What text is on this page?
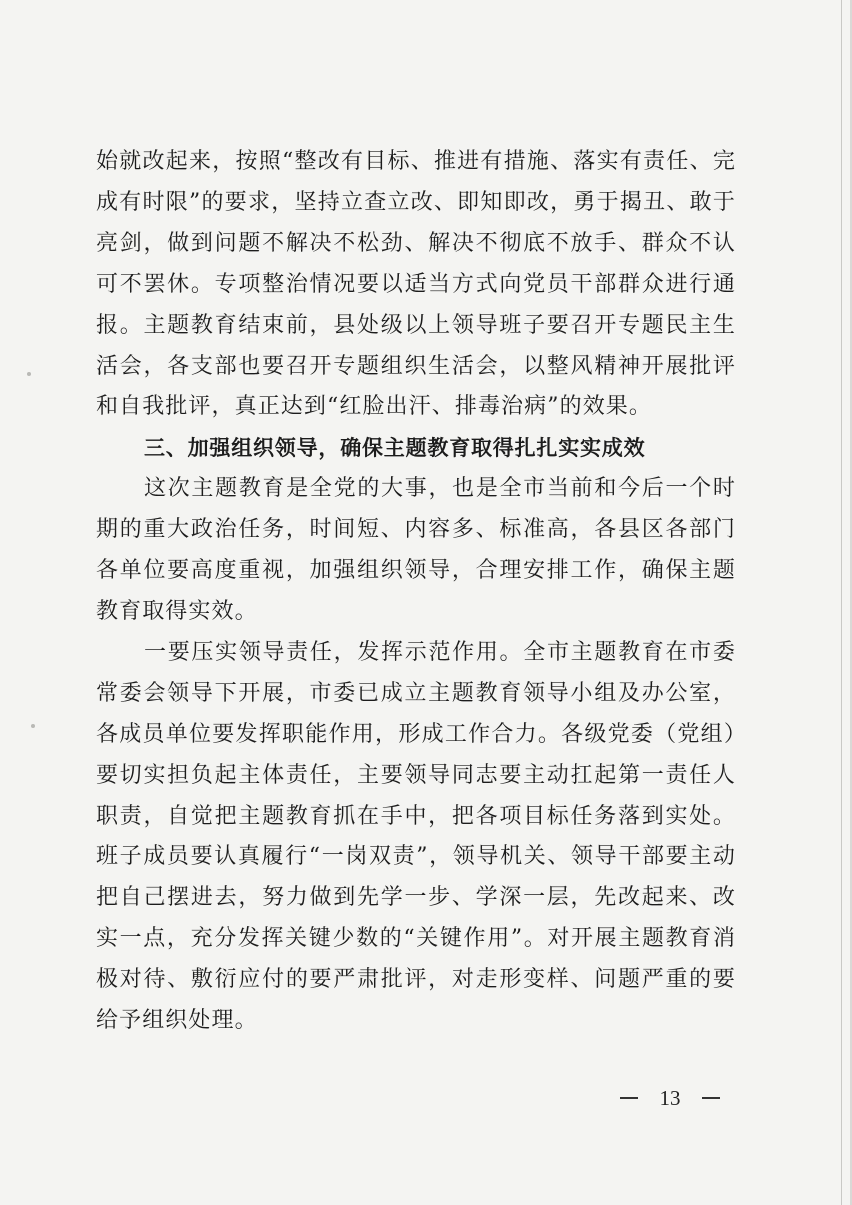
始就改起来，按照“整改有目标、推进有措施、落实有责任、完成有时限”的要求，坚持立查立改、即知即改，勇于揭丑、敢于亮剑，做到问题不解决不松劲、解决不彻底不放手、群众不认可不罢休。专项整治情况要以适当方式向党员干部群众进行通报。主题教育结束前，县处级以上领导班子要召开专题民主生活会，各支部也要召开专题组织生活会，以整风精神开展批评和自我批评，真正达到“红脸出汗、排毒治病”的效果。

三、加强组织领导，确保主题教育取得扎扎实实成效

这次主题教育是全党的大事，也是全市当前和今后一个时期的重大政治任务，时间短、内容多、标准高，各县区各部门各单位要高度重视，加强组织领导，合理安排工作，确保主题教育取得实效。

一要压实领导责任，发挥示范作用。全市主题教育在市委常委会领导下开展，市委已成立主题教育领导小组及办公室，各成员单位要发挥职能作用，形成工作合力。各级党委（党组）要切实担负起主体责任，主要领导同志要主动扛起第一责任人职责，自觉把主题教育抓在手中，把各项目标任务落到实处。班子成员要认真履行“一岗双责”，领导机关、领导干部要主动把自己摆进去，努力做到先学一步、学深一层，先改起来、改实一点，充分发挥关键少数的“关键作用”。对开展主题教育消极对待、敷衍应付的要严肃批评，对走形变样、问题严重的要给予组织处理。

13
